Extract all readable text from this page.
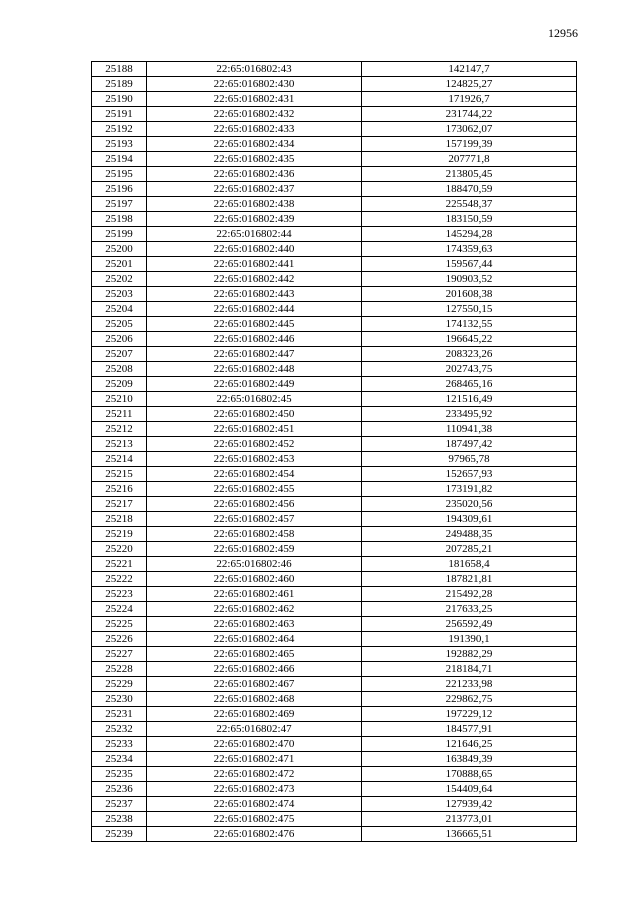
12956
25188	22:65:016802:43	142147,7
25189	22:65:016802:430	124825,27
25190	22:65:016802:431	171926,7
25191	22:65:016802:432	231744,22
25192	22:65:016802:433	173062,07
25193	22:65:016802:434	157199,39
25194	22:65:016802:435	207771,8
25195	22:65:016802:436	213805,45
25196	22:65:016802:437	188470,59
25197	22:65:016802:438	225548,37
25198	22:65:016802:439	183150,59
25199	22:65:016802:44	145294,28
25200	22:65:016802:440	174359,63
25201	22:65:016802:441	159567,44
25202	22:65:016802:442	190903,52
25203	22:65:016802:443	201608,38
25204	22:65:016802:444	127550,15
25205	22:65:016802:445	174132,55
25206	22:65:016802:446	196645,22
25207	22:65:016802:447	208323,26
25208	22:65:016802:448	202743,75
25209	22:65:016802:449	268465,16
25210	22:65:016802:45	121516,49
25211	22:65:016802:450	233495,92
25212	22:65:016802:451	110941,38
25213	22:65:016802:452	187497,42
25214	22:65:016802:453	97965,78
25215	22:65:016802:454	152657,93
25216	22:65:016802:455	173191,82
25217	22:65:016802:456	235020,56
25218	22:65:016802:457	194309,61
25219	22:65:016802:458	249488,35
25220	22:65:016802:459	207285,21
25221	22:65:016802:46	181658,4
25222	22:65:016802:460	187821,81
25223	22:65:016802:461	215492,28
25224	22:65:016802:462	217633,25
25225	22:65:016802:463	256592,49
25226	22:65:016802:464	191390,1
25227	22:65:016802:465	192882,29
25228	22:65:016802:466	218184,71
25229	22:65:016802:467	221233,98
25230	22:65:016802:468	229862,75
25231	22:65:016802:469	197229,12
25232	22:65:016802:47	184577,91
25233	22:65:016802:470	121646,25
25234	22:65:016802:471	163849,39
25235	22:65:016802:472	170888,65
25236	22:65:016802:473	154409,64
25237	22:65:016802:474	127939,42
25238	22:65:016802:475	213773,01
25239	22:65:016802:476	136665,51
